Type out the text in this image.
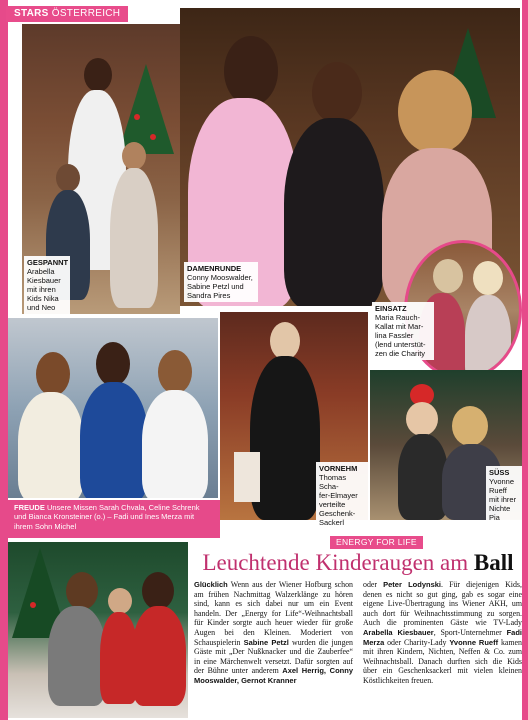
STARS ÖSTERREICH
GESPANNT
Arabella
Kiesbauer
mit ihren
Kids Nika
und Neo
DAMENRUNDE
Conny Mooswalder,
Sabine Petzl und
Sandra Pires
EINSATZ
Maria Rauch-
Kallat mit Mar-
lina Fassler
(lend unterstüt-
zen die Charity
FREUDE Unsere Missen Sarah Chvala, Celine Schrenk und Bianca Kronsteiner (o.) – Fadi und Ines Merza mit ihrem Sohn Michel
VORNEHM
Thomas Scha-
fer-Elmayer
verteilte
Geschenk-
Sackerl
SÜSS
Yvonne
Rueff
mit ihrer
Nichte Pia
ENERGY FOR LIFE
Leuchtende Kinderaugen am Ball
Glücklich Wenn aus der Wiener Hofburg schon am frühen Nachmittag Walzerklänge zu hören sind, kann es sich dabei nur um ein Event handeln. Der „Energy for Life“-Weihnachtsball für Kinder sorgte auch heuer wieder für große Augen bei den Kleinen. Moderiert von Schauspielerin Sabine Petzl wurden die jungen Gäste mit „Der Nußknacker und die Zauberfee“ in eine Märchenwelt versetzt. Dafür sorgten auf der Bühne unter anderem Axel Herrig, Conny Mooswalder, Gernot Kranner
oder Peter Lodynski. Für diejenigen Kids, denen es nicht so gut ging, gab es sogar eine eigene Live-Übertragung ins Wiener AKH, um auch dort für Weihnachtsstimmung zu sorgen. Auch die prominenten Gäste wie TV-Lady Arabella Kiesbauer, Sport-Unternehmer Fadi Merza oder Charity-Lady Yvonne Rueff kamen mit ihren Kindern, Nichten, Neffen & Co. zum Weihnachtsball. Danach durften sich die Kids über ein Geschenksackerl mit vielen kleinen Köstlichkeiten freuen.
